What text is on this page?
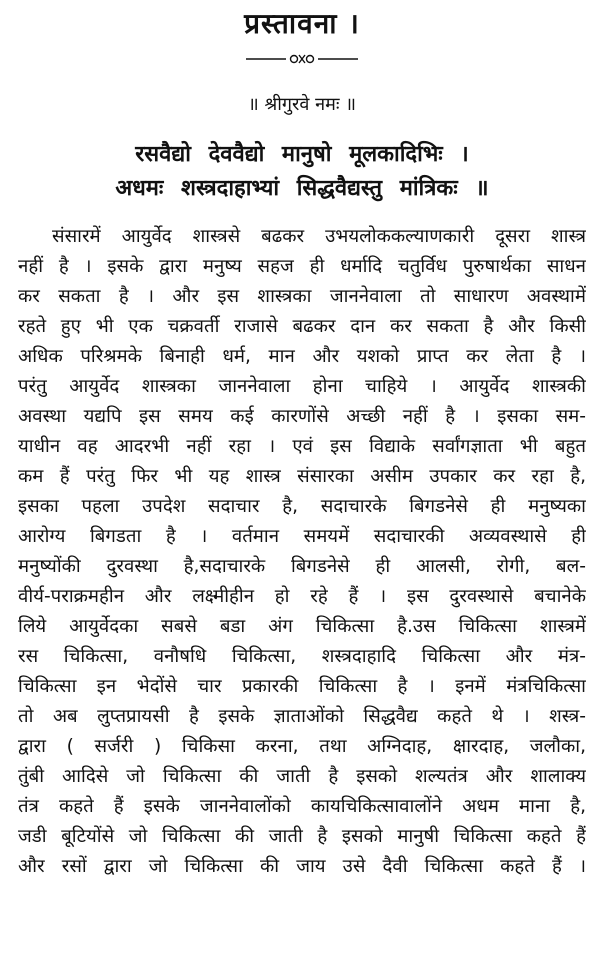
प्रस्तावना ।
॥ श्रीगुरवे नमः ॥
रसवैद्यो देववैद्यो मानुषो मूलकादिभिः ।
अधमः शस्त्रदाहाभ्यां सिद्धवैद्यस्तु मांत्रिकः ॥
संसारमें आयुर्वेद शास्त्रसे बढकर उभयलोककल्याणकारी दूसरा शास्त्र
नहीं है । इसके द्वारा मनुष्य सहज ही धर्मादि चतुर्विध पुरुषार्थका साधन
कर सकता है । और इस शास्त्रका जाननेवाला तो साधारण अवस्थामें
रहते हुए भी एक चक्रवर्ती राजासे बढकर दान कर सकता है और किसी
अधिक परिश्रमके बिनाही धर्म, मान और यशको प्राप्त कर लेता है ।
परंतु आयुर्वेद शास्त्रका जाननेवाला होना चाहिये । आयुर्वेद शास्त्रकी
अवस्था यद्यपि इस समय कई कारणोंसे अच्छी नहीं है । इसका सम-
याधीन वह आदरभी नहीं रहा । एवं इस विद्याके सर्वांगज्ञाता भी बहुत
कम हैं परंतु फिर भी यह शास्त्र संसारका असीम उपकार कर रहा है,
इसका पहला उपदेश सदाचार है, सदाचारके बिगडनेसे ही मनुष्यका
आरोग्य बिगडता है । वर्तमान समयमें सदाचारकी अव्यवस्थासे ही
मनुष्योंकी दुरवस्था है,सदाचारके बिगडनेसे ही आलसी, रोगी, बल-
वीर्य-पराक्रमहीन और लक्ष्मीहीन हो रहे हैं । इस दुरवस्थासे बचानेके
लिये आयुर्वेदका सबसे बडा अंग चिकित्सा है.उस चिकित्सा शास्त्रमें
रस चिकित्सा, वनौषधि चिकित्सा, शस्त्रदाहादि चिकित्सा और मंत्र-
चिकित्सा इन भेदोंसे चार प्रकारकी चिकित्सा है । इनमें मंत्रचिकित्सा
तो अब लुप्तप्रायसी है इसके ज्ञाताओंको सिद्धवैद्य कहते थे । शस्त्र-
द्वारा ( सर्जरी ) चिकिसा करना, तथा अग्निदाह, क्षारदाह, जलौका,
तुंबी आदिसे जो चिकित्सा की जाती है इसको शल्यतंत्र और शालाक्य
तंत्र कहते हैं इसके जाननेवालोंको कायचिकित्सावालोंने अधम माना है,
जडी बूटियोंसे जो चिकित्सा की जाती है इसको मानुषी चिकित्सा कहते हैं
और रसों द्वारा जो चिकित्सा की जाय उसे दैवी चिकित्सा कहते हैं ।
